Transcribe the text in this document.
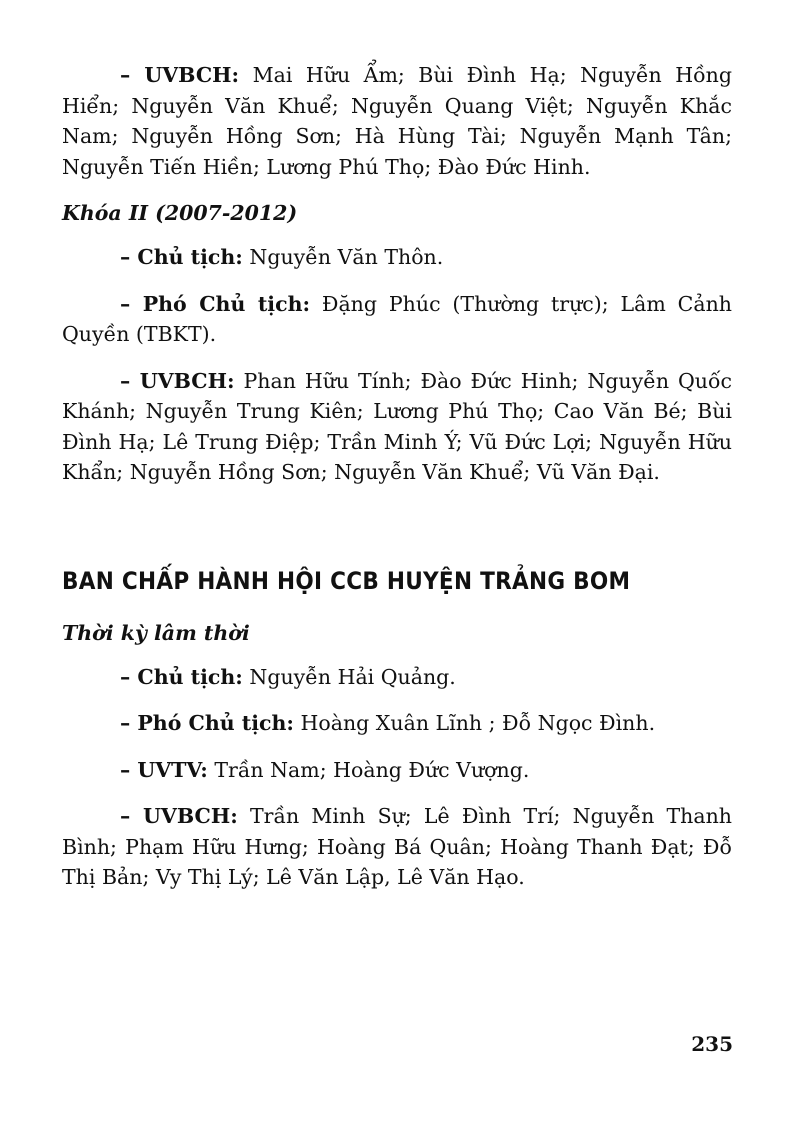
– UVBCH: Mai Hữu Ẩm; Bùi Đình Hạ; Nguyễn Hồng Hiển; Nguyễn Văn Khuể; Nguyễn Quang Việt; Nguyễn Khắc Nam; Nguyễn Hồng Sơn; Hà Hùng Tài; Nguyễn Mạnh Tân; Nguyễn Tiến Hiền; Lương Phú Thọ; Đào Đức Hinh.

Khóa II (2007-2012)

– Chủ tịch: Nguyễn Văn Thôn.

– Phó Chủ tịch: Đặng Phúc (Thường trực); Lâm Cảnh Quyền (TBKT).

– UVBCH: Phan Hữu Tính; Đào Đức Hinh; Nguyễn Quốc Khánh; Nguyễn Trung Kiên; Lương Phú Thọ; Cao Văn Bé; Bùi Đình Hạ; Lê Trung Điệp; Trần Minh Ý; Vũ Đức Lợi; Nguyễn Hữu Khẩn; Nguyễn Hồng Sơn; Nguyễn Văn Khuể; Vũ Văn Đại.

BAN CHẤP HÀNH HỘI CCB HUYỆN TRẢNG BOM
Thời kỳ lâm thời

– Chủ tịch: Nguyễn Hải Quảng.

– Phó Chủ tịch: Hoàng Xuân Lĩnh ; Đỗ Ngọc Đình.

– UVTV: Trần Nam; Hoàng Đức Vượng.

– UVBCH: Trần Minh Sự; Lê Đình Trí; Nguyễn Thanh Bình; Phạm Hữu Hưng; Hoàng Bá Quân; Hoàng Thanh Đạt; Đỗ Thị Bản; Vy Thị Lý; Lê Văn Lập, Lê Văn Hạo.

235
